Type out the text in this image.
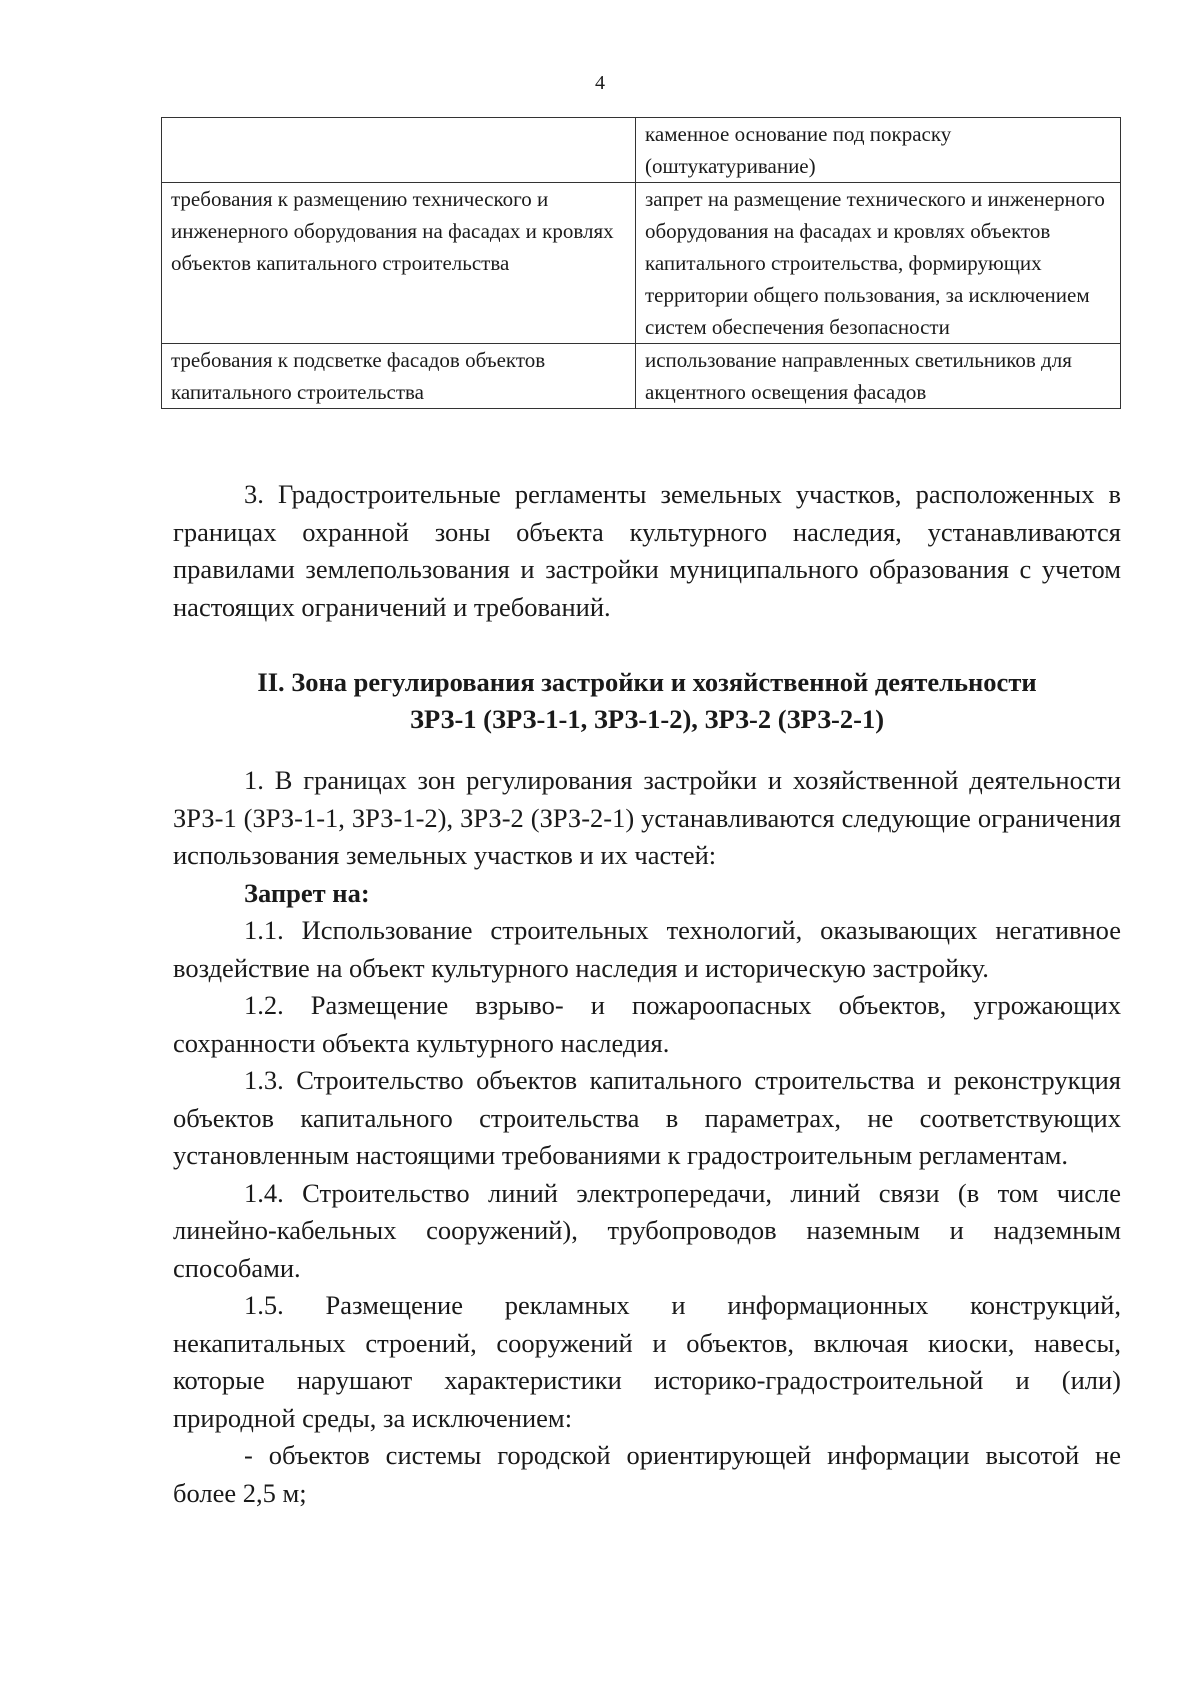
4
	каменное основание под покраску (оштукатуривание)
требования к размещению технического и инженерного оборудования на фасадах и кровлях объектов капитального строительства	запрет на размещение технического и инженерного оборудования на фасадах и кровлях объектов капитального строительства, формирующих территории общего пользования, за исключением систем обеспечения безопасности
требования к подсветке фасадов объектов капитального строительства	использование направленных светильников для акцентного освещения фасадов

3. Градостроительные регламенты земельных участков, расположенных в границах охранной зоны объекта культурного наследия, устанавливаются правилами землепользования и застройки муниципального образования с учетом настоящих ограничений и требований.

II. Зона регулирования застройки и хозяйственной деятельности
ЗРЗ-1 (ЗРЗ-1-1, ЗРЗ-1-2), ЗРЗ-2 (ЗРЗ-2-1)

1. В границах зон регулирования застройки и хозяйственной деятельности ЗРЗ-1 (ЗРЗ-1-1, ЗРЗ-1-2), ЗРЗ-2 (ЗРЗ-2-1) устанавливаются следующие ограничения использования земельных участков и их частей:

Запрет на:

1.1. Использование строительных технологий, оказывающих негативное воздействие на объект культурного наследия и историческую застройку.

1.2. Размещение взрыво- и пожароопасных объектов, угрожающих сохранности объекта культурного наследия.

1.3. Строительство объектов капитального строительства и реконструкция объектов капитального строительства в параметрах, не соответствующих установленным настоящими требованиями к градостроительным регламентам.

1.4. Строительство линий электропередачи, линий связи (в том числе линейно-кабельных сооружений), трубопроводов наземным и надземным способами.

1.5. Размещение рекламных и информационных конструкций, некапитальных строений, сооружений и объектов, включая киоски, навесы, которые нарушают характеристики историко-градостроительной и (или) природной среды, за исключением:

- объектов системы городской ориентирующей информации высотой не более 2,5 м;
